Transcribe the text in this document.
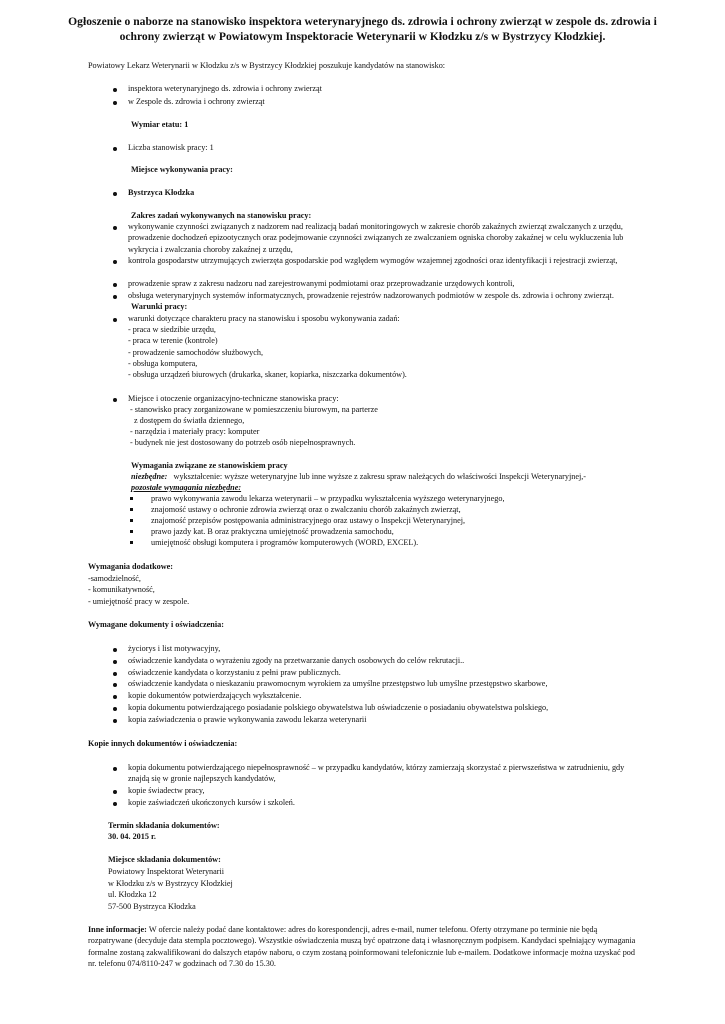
Ogłoszenie o naborze na stanowisko inspektora weterynaryjnego ds. zdrowia i ochrony zwierząt w zespole ds. zdrowia i ochrony zwierząt w Powiatowym Inspektoracie Weterynarii w Kłodzku z/s w Bystrzycy Kłodzkiej.
Powiatowy Lekarz Weterynarii w Kłodzku z/s w Bystrzycy Kłodzkiej poszukuje kandydatów na stanowisko:
inspektora weterynaryjnego ds. zdrowia i ochrony zwierząt
w Zespole ds. zdrowia i ochrony zwierząt
Wymiar etatu: 1
Liczba stanowisk pracy: 1
Miejsce wykonywania pracy:
Bystrzyca Kłodzka
Zakres zadań wykonywanych na stanowisku pracy:
wykonywanie czynności związanych z nadzorem nad realizacją badań monitoringowych w zakresie chorób zakaźnych zwierząt zwalczanych z urzędu, prowadzenie dochodzeń epizootycznych oraz podejmowanie czynności związanych ze zwalczaniem ogniska choroby zakaźnej w celu wykluczenia lub wykrycia i zwalczania choroby zakaźnej z urzędu,
kontrola gospodarstw utrzymujących zwierzęta gospodarskie pod względem wymogów wzajemnej zgodności oraz identyfikacji i rejestracji zwierząt,
prowadzenie spraw z zakresu nadzoru nad zarejestrowanymi podmiotami oraz przeprowadzanie urzędowych kontroli,
obsługa weterynaryjnych systemów informatycznych, prowadzenie rejestrów nadzorowanych podmiotów w zespole ds. zdrowia i ochrony zwierząt.
Warunki pracy:
warunki dotyczące charakteru pracy na stanowisku i sposobu wykonywania zadań:
- praca w siedzibie urzędu,
- praca w terenie (kontrole)
- prowadzenie samochodów służbowych,
- obsługa komputera,
- obsługa urządzeń biurowych (drukarka, skaner, kopiarka, niszczarka dokumentów).
Miejsce i otoczenie organizacyjno-techniczne stanowiska pracy:
- stanowisko pracy zorganizowane w pomieszczeniu biurowym, na parterze
z dostępem do światła dziennego,
- narzędzia i materiały pracy: komputer
- budynek nie jest dostosowany do potrzeb osób niepełnosprawnych.
Wymagania związane ze stanowiskiem pracy
niezbędne: wykształcenie: wyższe weterynaryjne lub inne wyższe z zakresu spraw należących do właściwości Inspekcji Weterynaryjnej,-
pozostałe wymagania niezbędne:
prawo wykonywania zawodu lekarza weterynarii – w przypadku wykształcenia wyższego weterynaryjnego,
znajomość ustawy o ochronie zdrowia zwierząt oraz o zwalczaniu chorób zakaźnych zwierząt,
znajomość przepisów postępowania administracyjnego oraz ustawy o Inspekcji Weterynaryjnej,
prawo jazdy kat. B oraz praktyczna umiejętność prowadzenia samochodu,
umiejętność obsługi komputera i programów komputerowych (WORD, EXCEL).
Wymagania dodatkowe:
-samodzielność,
- komunikatywność,
- umiejętność pracy w zespole.
Wymagane dokumenty i oświadczenia:
życiorys i list motywacyjny,
oświadczenie kandydata o wyrażeniu zgody na przetwarzanie danych osobowych do celów rekrutacji..
oświadczenie kandydata o korzystaniu z pełni praw publicznych.
oświadczenie kandydata o nieskazaniu prawomocnym wyrokiem za umyślne przestępstwo lub umyślne przestępstwo skarbowe,
kopie dokumentów potwierdzających wykształcenie.
kopia dokumentu potwierdzającego posiadanie polskiego obywatelstwa lub oświadczenie o posiadaniu obywatelstwa polskiego,
kopia zaświadczenia o prawie wykonywania zawodu lekarza weterynarii
Kopie innych dokumentów i oświadczenia:
kopia dokumentu potwierdzającego niepełnosprawność – w przypadku kandydatów, którzy zamierzają skorzystać z pierwszeństwa w zatrudnieniu, gdy znajdą się w gronie najlepszych kandydatów,
kopie świadectw pracy,
kopie zaświadczeń ukończonych kursów i szkoleń.
Termin składania dokumentów:
30. 04. 2015 r.
Miejsce składania dokumentów:
Powiatowy Inspektorat Weterynarii
w Kłodzku z/s w Bystrzycy Kłodzkiej
ul. Kłodzka 12
57-500 Bystrzyca Kłodzka
Inne informacje: W ofercie należy podać dane kontaktowe: adres do korespondencji, adres e-mail, numer telefonu. Oferty otrzymane po terminie nie będą rozpatrywane (decyduje data stempla pocztowego). Wszystkie oświadczenia muszą być opatrzone datą i własnoręcznym podpisem. Kandydaci spełniający wymagania formalne zostaną zakwalifikowani do dalszych etapów naboru, o czym zostaną poinformowani telefonicznie lub e-mailem. Dodatkowe informacje można uzyskać pod nr. telefonu 074/8110-247 w godzinach od 7.30 do 15.30.
